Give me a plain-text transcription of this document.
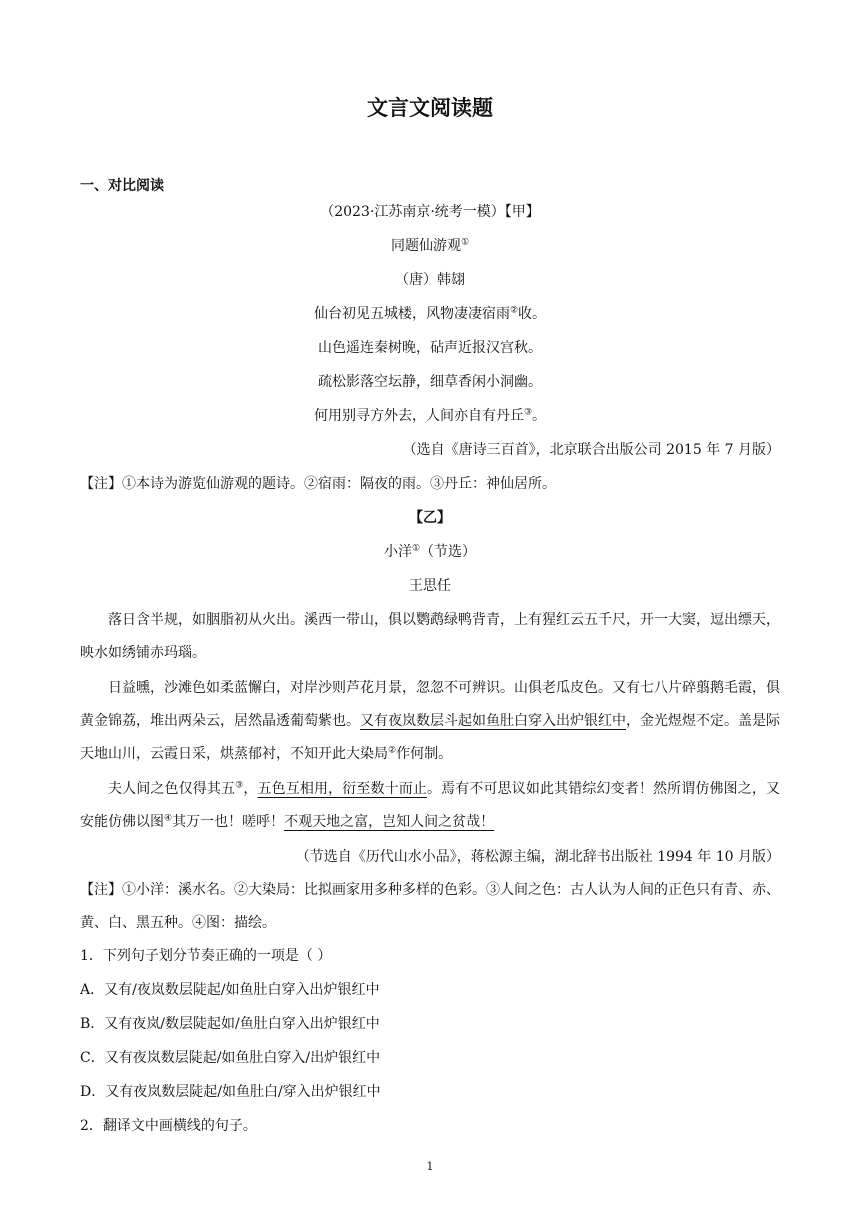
文言文阅读题
一、对比阅读
（2023·江苏南京·统考一模）【甲】
同题仙游观①
（唐）韩翃
仙台初见五城楼，风物凄凄宿雨②收。
山色遥连秦树晚，砧声近报汉宫秋。
疏松影落空坛静，细草香闲小洞幽。
何用别寻方外去，人间亦自有丹丘③。
（选自《唐诗三百首》，北京联合出版公司 2015 年 7 月版）
【注】①本诗为游览仙游观的题诗。②宿雨：隔夜的雨。③丹丘：神仙居所。
【乙】
小洋①（节选）
王思任
落日含半规，如胭脂初从火出。溪西一带山，俱以鹦鹉绿鸭背青，上有猩红云五千尺，开一大窦，逗出缥天，映水如绣铺赤玛瑙。
日益曛，沙滩色如柔蓝懈白，对岸沙则芦花月景，忽忽不可辨识。山俱老瓜皮色。又有七八片碎翦鹅毛霞，俱黄金锦荔，堆出两朵云，居然晶透葡萄紫也。又有夜岚数层斗起如鱼肚白穿入出炉银红中，金光煜煜不定。盖是际天地山川，云霞日采，烘蒸郁衬，不知开此大染局②作何制。
夫人间之色仅得其五③，五色互相用，衍至数十而止。焉有不可思议如此其错综幻变者！然所谓仿佛图之，又安能仿佛以图④其万一也！嗟呼！不观天地之富，岂知人间之贫哉！
（节选自《历代山水小品》，蒋松源主编，湖北辞书出版社 1994 年 10 月版）
【注】①小洋：溪水名。②大染局：比拟画家用多种多样的色彩。③人间之色：古人认为人间的正色只有青、赤、黄、白、黑五种。④图：描绘。
1．下列句子划分节奏正确的一项是（ ）
A．又有/夜岚数层陡起/如鱼肚白穿入出炉银红中
B．又有夜岚/数层陡起如/鱼肚白穿入出炉银红中
C．又有夜岚数层陡起/如鱼肚白穿入/出炉银红中
D．又有夜岚数层陡起/如鱼肚白/穿入出炉银红中
2．翻译文中画横线的句子。
1
